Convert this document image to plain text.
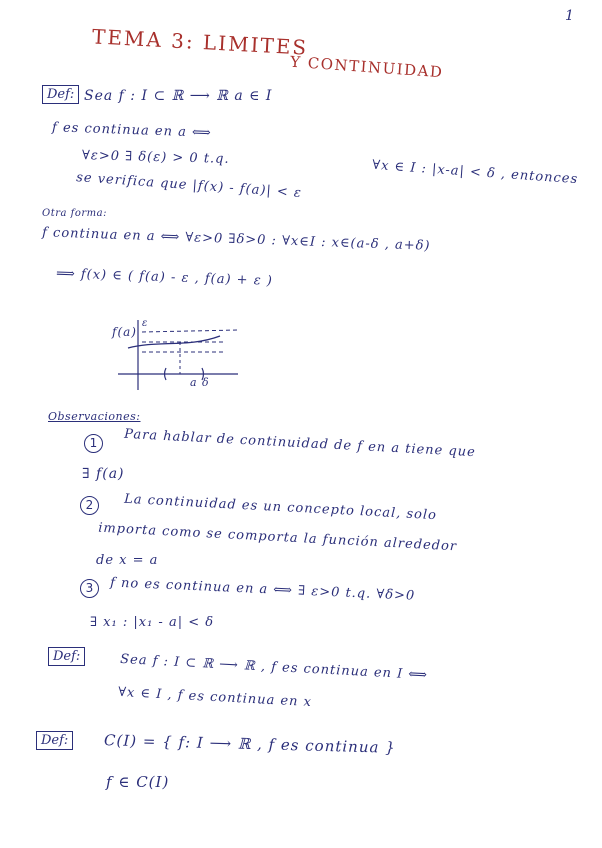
1
TEMA 3: LIMITES
Y CONTINUIDAD
Def: Sea f : I ⊂ ℝ ⟶ ℝ a ∈ I
f es continua en a ⟺
∀ε>0 ∃ δ(ε) > 0 t.q.
∀x ∈ I : |x-a| < δ , entonces
se verifica que |f(x) - f(a)| < ε
Otra forma:
f continua en a ⟺ ∀ε>0 ∃δ>0 : ∀x∈I : x∈(a-δ , a+δ)
⟹ f(x) ∈ ( f(a) - ε , f(a) + ε )
f(a)
ε
a δ
Observaciones:
1	Para hablar de continuidad de f en a tiene que
∃ f(a)
2	La continuidad es un concepto local, solo
importa como se comporta la función alrededor
de x = a
3	f no es continua en a ⟺ ∃ ε>0 t.q. ∀δ>0
∃ x₁ : |x₁ - a| < δ
Def:	Sea f : I ⊂ ℝ ⟶ ℝ , f es continua en I ⟺
∀x ∈ I , f es continua en x
Def:	C(I) = { f: I ⟶ ℝ , f es continua }
f ∈ C(I)
